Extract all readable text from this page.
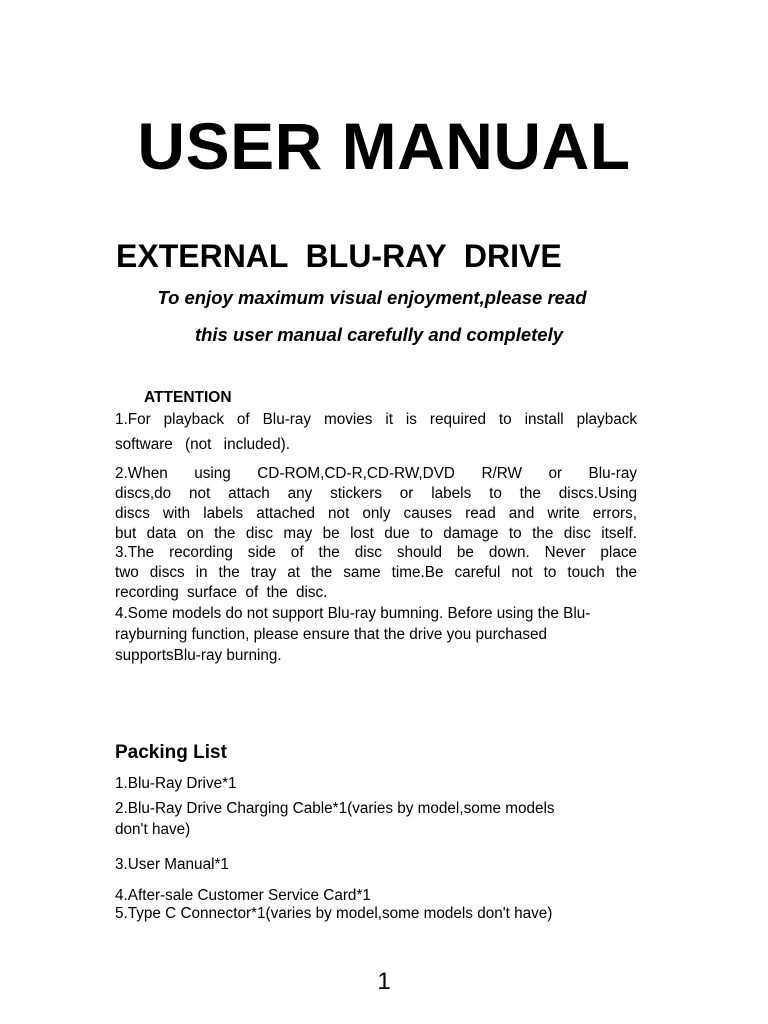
USER MANUAL
EXTERNAL  BLU-RAY  DRIVE

To enjoy maximum visual enjoyment,please read

this user manual carefully and completely

ATTENTION
1.For playback of Blu-ray movies it is required to install playback
software (not included).
2.When using CD-ROM,CD-R,CD-RW,DVD R/RW or Blu-ray
discs,do not attach any stickers or labels to the discs.Using
discs with labels attached not only causes read and write errors,
but data on the disc may be lost due to damage to the disc itself.
3.The recording side of the disc should be down. Never place
two discs in the tray at the same time.Be careful not to touch the
recording surface of the disc.
4.Some models do not support Blu-ray bumning. Before using the Blu-
rayburning function, please ensure that the drive you purchased
supportsBlu-ray burning.
Packing List

1.Blu-Ray Drive*1

2.Blu-Ray Drive Charging Cable*1(varies by model,some models

don't have)

3.User Manual*1

4.After-sale Customer Service Card*1

5.Type C Connector*1(varies by model,some models don't have)

1
